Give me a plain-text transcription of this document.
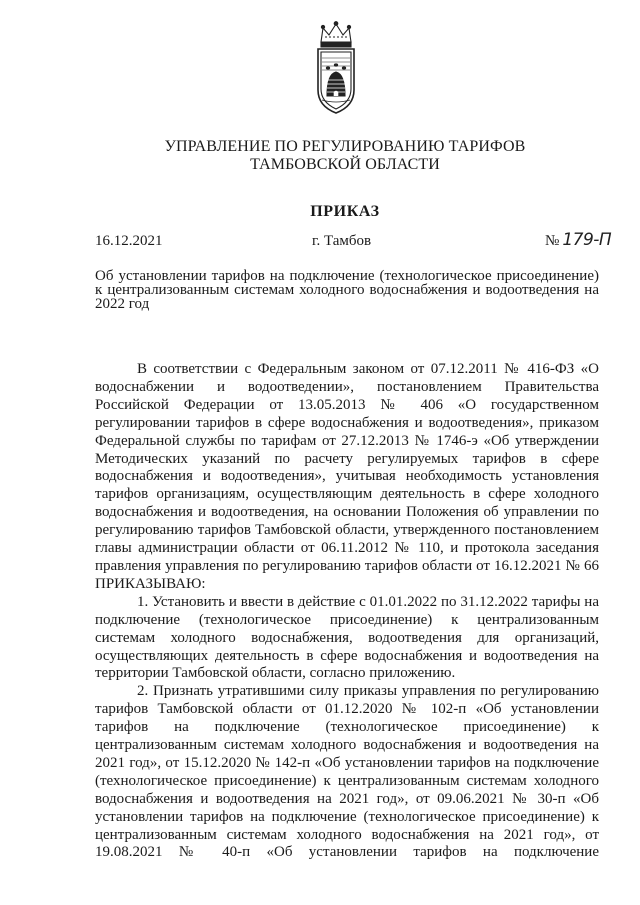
УПРАВЛЕНИЕ ПО РЕГУЛИРОВАНИЮ ТАРИФОВ
ТАМБОВСКОЙ ОБЛАСТИ
ПРИКАЗ
16.12.2021	г. Тамбов	№ 179-П
Об установлении тарифов на подключение (технологическое присоединение) к централизованным системам холодного водоснабжения и водоотведения на 2022 год

В соответствии с Федеральным законом от 07.12.2011 № 416-ФЗ «О водоснабжении и водоотведении», постановлением Правительства Российской Федерации от 13.05.2013 № 406 «О государственном регулировании тарифов в сфере водоснабжения и водоотведения», приказом Федеральной службы по тарифам от 27.12.2013 № 1746-э «Об утверждении Методических указаний по расчету регулируемых тарифов в сфере водоснабжения и водоотведения», учитывая необходимость установления тарифов организациям, осуществляющим деятельность в сфере холодного водоснабжения и водоотведения, на основании Положения об управлении по регулированию тарифов Тамбовской области, утвержденного постановлением главы администрации области от 06.11.2012 № 110, и протокола заседания правления управления по регулированию тарифов области от 16.12.2021 № 66 ПРИКАЗЫВАЮ:

1. Установить и ввести в действие с 01.01.2022 по 31.12.2022 тарифы на подключение (технологическое присоединение) к централизованным системам холодного водоснабжения, водоотведения для организаций, осуществляющих деятельность в сфере водоснабжения и водоотведения на территории Тамбовской области, согласно приложению.

2. Признать утратившими силу приказы управления по регулированию тарифов Тамбовской области от 01.12.2020 № 102-п «Об установлении тарифов на подключение (технологическое присоединение) к централизованным системам холодного водоснабжения и водоотведения на 2021 год», от 15.12.2020 № 142-п «Об установлении тарифов на подключение (технологическое присоединение) к централизованным системам холодного водоснабжения и водоотведения на 2021 год», от 09.06.2021 № 30-п «Об установлении тарифов на подключение (технологическое присоединение) к централизованным системам холодного водоснабжения на 2021 год», от 19.08.2021 № 40-п «Об установлении тарифов на подключение
